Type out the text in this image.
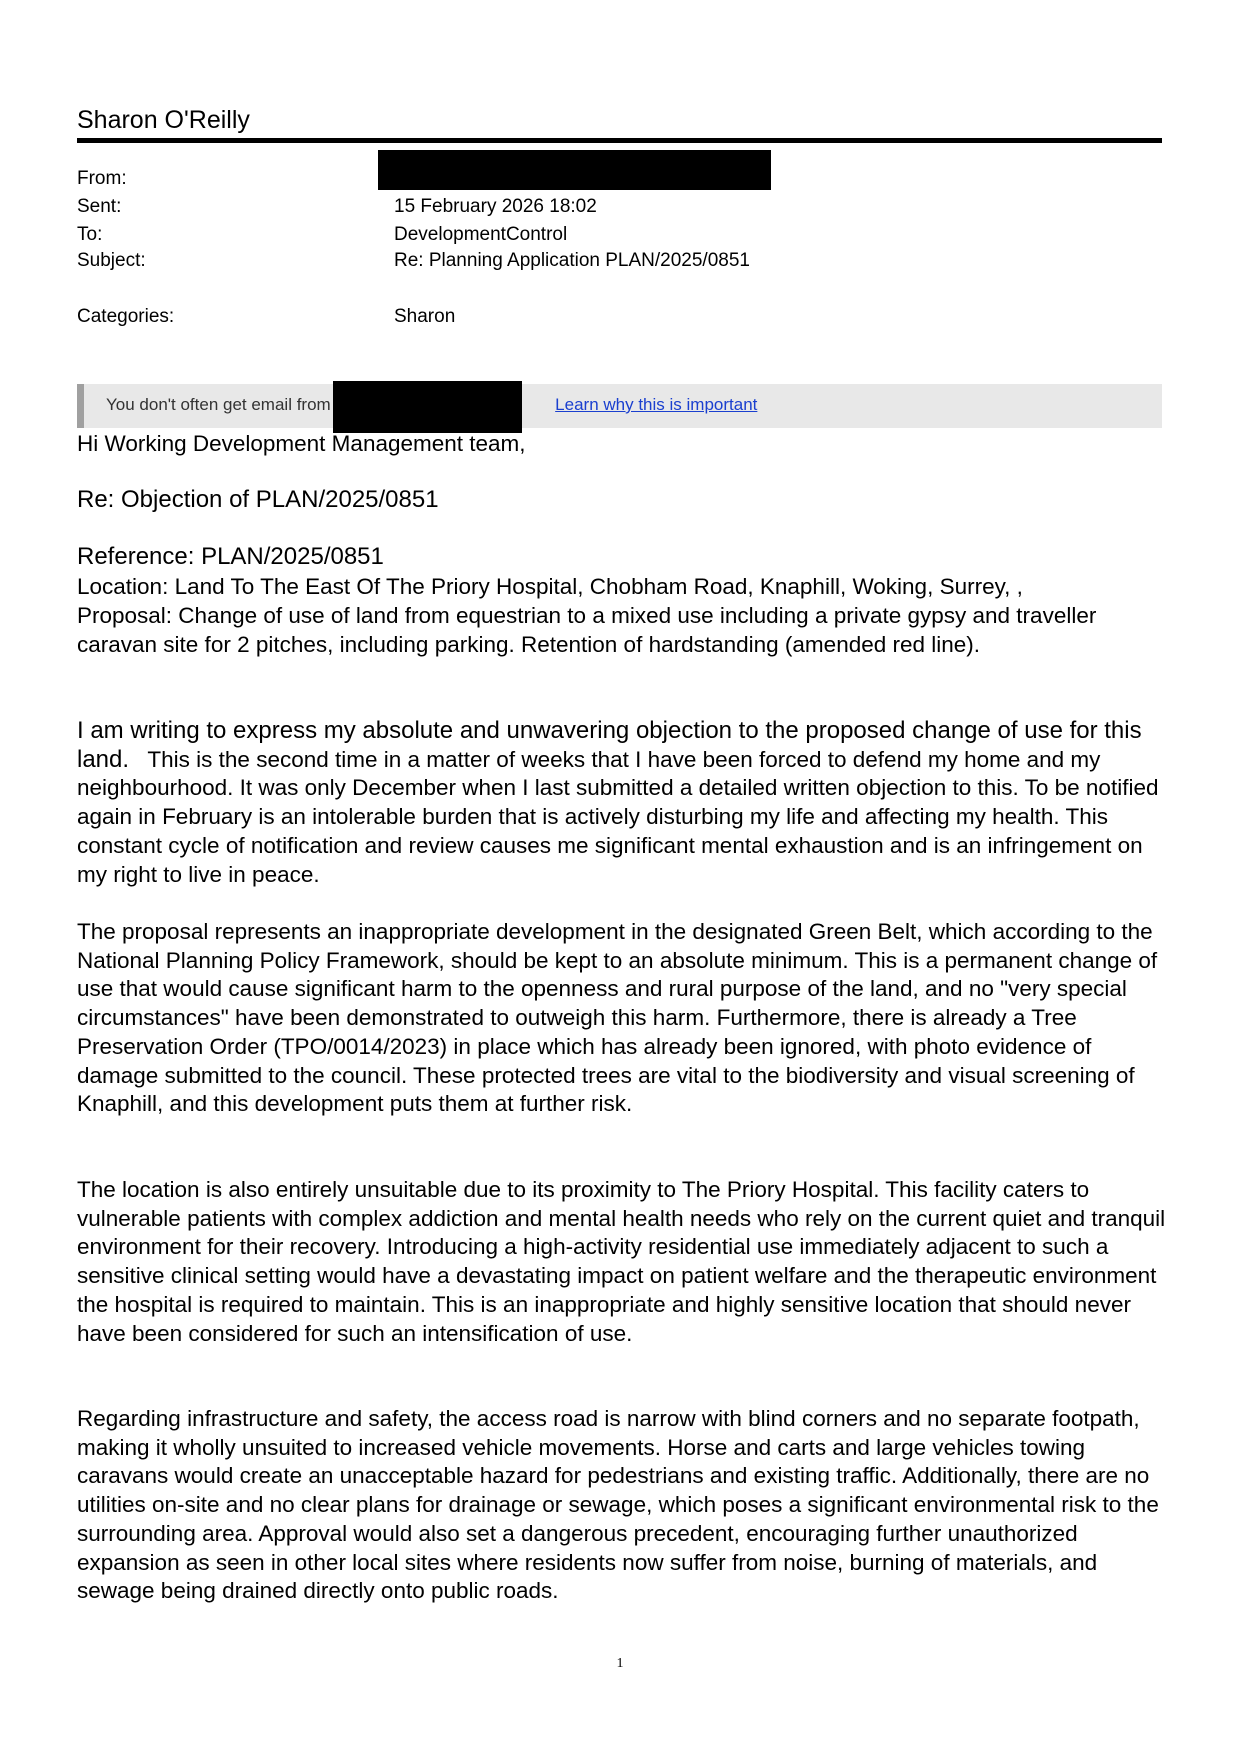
Sharon O'Reilly
From:
Sent:	15 February 2026 18:02
To:	DevelopmentControl
Subject:	Re: Planning Application PLAN/2025/0851
Categories:	Sharon
You don't often get email from	Learn why this is important
Hi Working Development Management team,
Re: Objection of PLAN/2025/0851
Reference: PLAN/2025/0851
Location: Land To The East Of The Priory Hospital, Chobham Road, Knaphill, Woking, Surrey, ,
Proposal: Change of use of land from equestrian to a mixed use including a private gypsy and traveller caravan site for 2 pitches, including parking. Retention of hardstanding (amended red line).
I am writing to express my absolute and unwavering objection to the proposed change of use for this land. This is the second time in a matter of weeks that I have been forced to defend my home and my neighbourhood. It was only December when I last submitted a detailed written objection to this. To be notified again in February is an intolerable burden that is actively disturbing my life and affecting my health. This constant cycle of notification and review causes me significant mental exhaustion and is an infringement on my right to live in peace.
The proposal represents an inappropriate development in the designated Green Belt, which according to the National Planning Policy Framework, should be kept to an absolute minimum. This is a permanent change of use that would cause significant harm to the openness and rural purpose of the land, and no "very special circumstances" have been demonstrated to outweigh this harm. Furthermore, there is already a Tree Preservation Order (TPO/0014/2023) in place which has already been ignored, with photo evidence of damage submitted to the council. These protected trees are vital to the biodiversity and visual screening of Knaphill, and this development puts them at further risk.
The location is also entirely unsuitable due to its proximity to The Priory Hospital. This facility caters to vulnerable patients with complex addiction and mental health needs who rely on the current quiet and tranquil environment for their recovery. Introducing a high-activity residential use immediately adjacent to such a sensitive clinical setting would have a devastating impact on patient welfare and the therapeutic environment the hospital is required to maintain. This is an inappropriate and highly sensitive location that should never have been considered for such an intensification of use.
Regarding infrastructure and safety, the access road is narrow with blind corners and no separate footpath, making it wholly unsuited to increased vehicle movements. Horse and carts and large vehicles towing caravans would create an unacceptable hazard for pedestrians and existing traffic. Additionally, there are no utilities on-site and no clear plans for drainage or sewage, which poses a significant environmental risk to the surrounding area. Approval would also set a dangerous precedent, encouraging further unauthorized expansion as seen in other local sites where residents now suffer from noise, burning of materials, and sewage being drained directly onto public roads.
1
